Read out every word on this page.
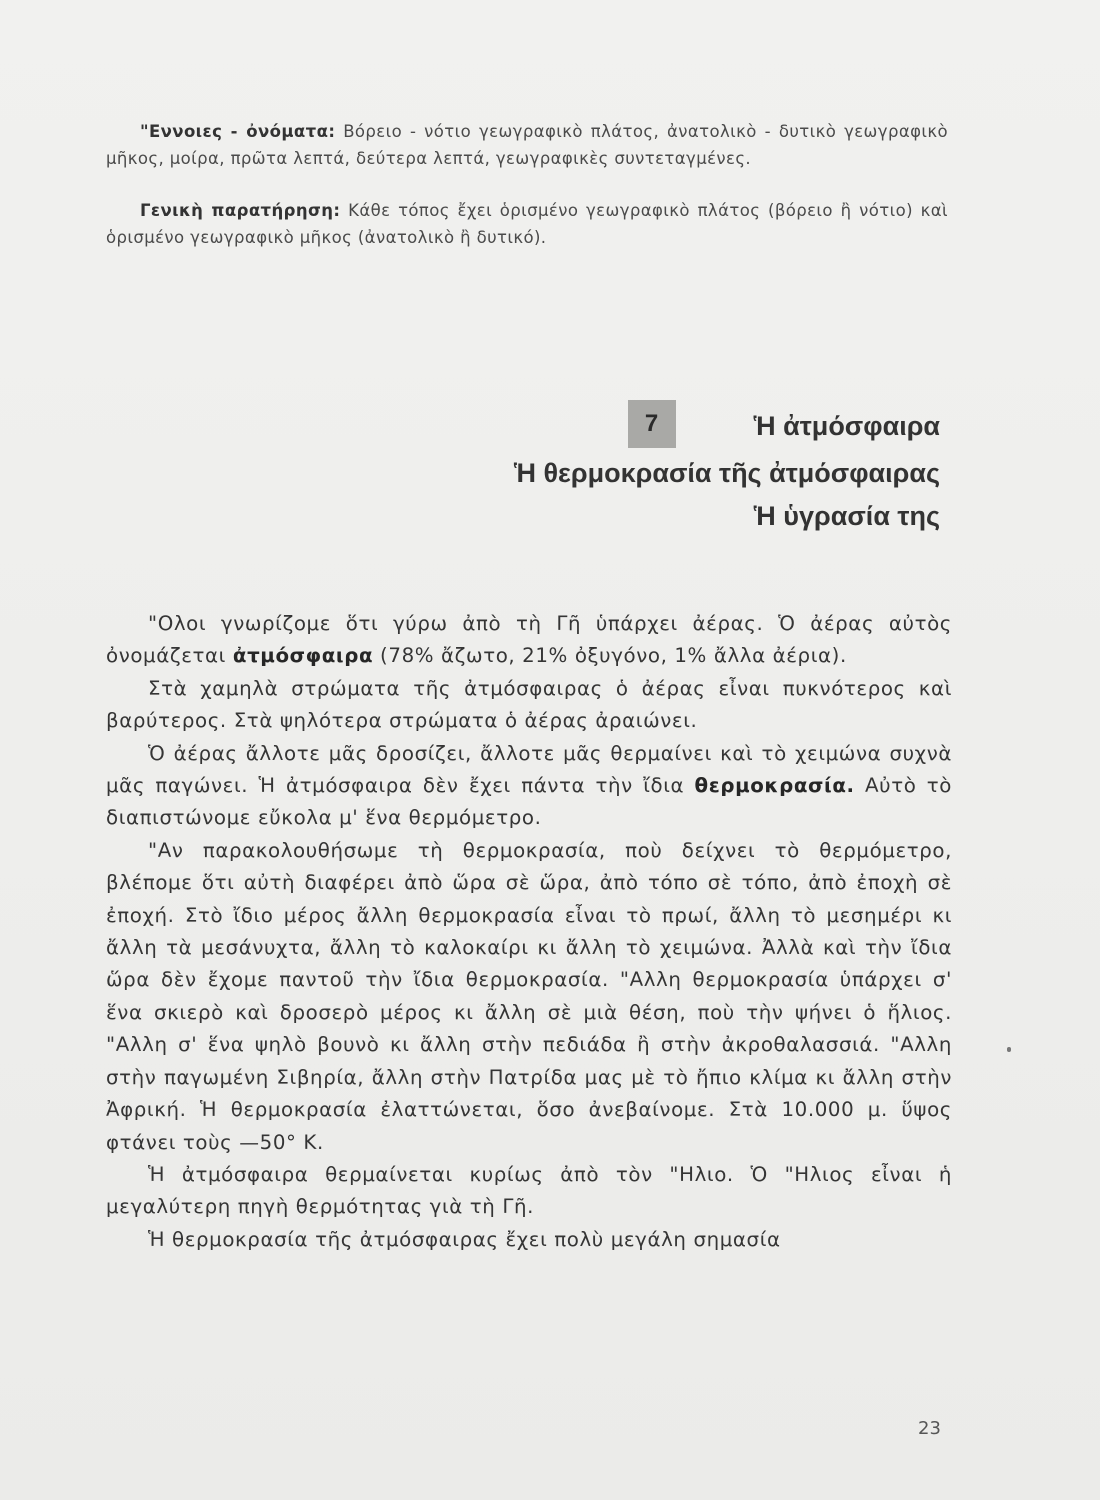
"Εννοιες - ὀνόματα: Βόρειο - νότιο γεωγραφικὸ πλάτος, ἀνατολικὸ - δυτικὸ γεωγραφικὸ μῆκος, μοίρα, πρῶτα λεπτά, δεύτερα λεπτά, γεωγραφικὲς συντεταγμένες.

Γενικὴ παρατήρηση: Κάθε τόπος ἔχει ὁρισμένο γεωγραφικὸ πλάτος (βόρειο ἢ νότιο) καὶ ὁρισμένο γεωγραφικὸ μῆκος (ἀνατολικὸ ἢ δυτικό).

7	Ἡ ἀτμόσφαιρα
Ἡ θερμοκρασία τῆς ἀτμόσφαιρας
Ἡ ὑγρασία της

"Ολοι γνωρίζομε ὅτι γύρω ἀπὸ τὴ Γῆ ὑπάρχει ἀέρας. Ὁ ἀέρας αὐτὸς ὀνομάζεται ἀτμόσφαιρα (78% ἄζωτο, 21% ὀξυγόνο, 1% ἄλλα ἀέρια).

Στὰ χαμηλὰ στρώματα τῆς ἀτμόσφαιρας ὁ ἀέρας εἶναι πυκνότερος καὶ βαρύτερος. Στὰ ψηλότερα στρώματα ὁ ἀέρας ἀραιώνει.

Ὁ ἀέρας ἄλλοτε μᾶς δροσίζει, ἄλλοτε μᾶς θερμαίνει καὶ τὸ χειμώνα συχνὰ μᾶς παγώνει. Ἡ ἀτμόσφαιρα δὲν ἔχει πάντα τὴν ἴδια θερμοκρασία. Αὐτὸ τὸ διαπιστώνομε εὔκολα μ' ἕνα θερμόμετρο.

"Αν παρακολουθήσωμε τὴ θερμοκρασία, ποὺ δείχνει τὸ θερμόμετρο, βλέπομε ὅτι αὐτὴ διαφέρει ἀπὸ ὥρα σὲ ὥρα, ἀπὸ τόπο σὲ τόπο, ἀπὸ ἐποχὴ σὲ ἐποχή. Στὸ ἴδιο μέρος ἄλλη θερμοκρασία εἶναι τὸ πρωί, ἄλλη τὸ μεσημέρι κι ἄλλη τὰ μεσάνυχτα, ἄλλη τὸ καλοκαίρι κι ἄλλη τὸ χειμώνα. Ἀλλὰ καὶ τὴν ἴδια ὥρα δὲν ἔχομε παντοῦ τὴν ἴδια θερμοκρασία. "Αλλη θερμοκρασία ὑπάρχει σ' ἕνα σκιερὸ καὶ δροσερὸ μέρος κι ἄλλη σὲ μιὰ θέση, ποὺ τὴν ψήνει ὁ ἥλιος. "Αλλη σ' ἕνα ψηλὸ βουνὸ κι ἄλλη στὴν πεδιάδα ἢ στὴν ἀκροθαλασσιά. "Αλλη στὴν παγωμένη Σιβηρία, ἄλλη στὴν Πατρίδα μας μὲ τὸ ἤπιο κλίμα κι ἄλλη στὴν Ἀφρική. Ἡ θερμοκρασία ἐλαττώνεται, ὅσο ἀνεβαίνομε. Στὰ 10.000 μ. ὕψος φτάνει τοὺς —50° Κ.

Ἡ ἀτμόσφαιρα θερμαίνεται κυρίως ἀπὸ τὸν "Ηλιο. Ὁ "Ηλιος εἶναι ἡ μεγαλύτερη πηγὴ θερμότητας γιὰ τὴ Γῆ.

Ἡ θερμοκρασία τῆς ἀτμόσφαιρας ἔχει πολὺ μεγάλη σημασία

23
